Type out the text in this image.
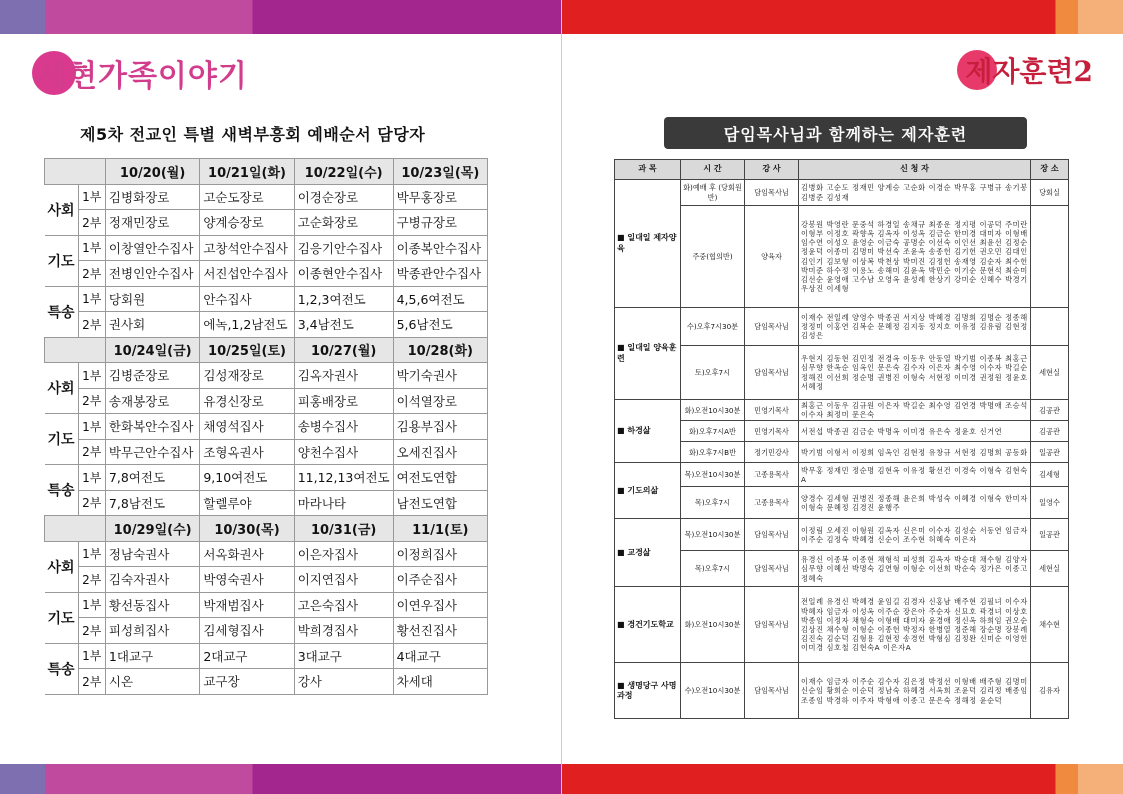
세현가족이야기
제5차 전교인 특별 새벽부흥회 예배순서 담당자
		10/20(월)	10/21일(화)	10/22일(수)	10/23일(목)
사회	1부	김병화장로	고순도장로	이경순장로	박무홍장로
	2부	정재민장로	양계승장로	고순화장로	구병규장로
기도	1부	이창열안수집사	고창석안수집사	김응기안수집사	이종복안수집사
	2부	전병인안수집사	서진섭안수집사	이종현안수집사	박종관안수집사
특송	1부	당회원	안수집사	1,2,3여전도	4,5,6여전도
	2부	권사회	에녹,1,2남전도	3,4남전도	5,6남전도
		10/24일(금)	10/25일(토)	10/27(월)	10/28(화)
사회	1부	김병준장로	김성재장로	김옥자권사	박기숙권사
	2부	송재봉장로	유경신장로	피홍배장로	이석열장로
기도	1부	한화복안수집사	채영석집사	송병수집사	김용부집사
	2부	박무근안수집사	조형옥권사	양천수집사	오세진집사
특송	1부	7,8여전도	9,10여전도	11,12,13여전도	여전도연합
	2부	7,8남전도	할렐루야	마라나타	남전도연합
		10/29일(수)	10/30(목)	10/31(금)	11/1(토)
사회	1부	정남숙권사	서옥화권사	이은자집사	이정희집사
	2부	김숙자권사	박영숙권사	이지연집사	이주순집사
기도	1부	황선동집사	박재범집사	고은숙집사	이연우집사
	2부	피성희집사	김세형집사	박희경집사	황선진집사
특송	1부	1대교구	2대교구	3대교구	4대교구
	2부	시온	교구장	강사	차세대
제자훈련2
담임목사님과 함께하는 제자훈련
과 목	시 간	강 사	신 청 자	장 소
■ 일대일 제자양육	화)예배 후 (당회원반)	담임목사님	김병화 고순도 정재민 양계승 고순화 이경순 박무홍 구병규 송기봉 김병준 김성재	당회실
	주중(협의반)	양육자	강봉원 박영란 문중석 하경일 송채규 최종운 정지평 이공덕 주미란 이형부 이정호 곽향옥 김옥자 이성옥 김금순 한미경 대미자 이형배 임수연 이성오 윤영순 이금숙 공명순 이선숙 이인선 최윤선 김정순 정윤덕 이종미 김명미 박선숙 조윤옥 송종헌 김기헌 권오민 김대인 김인기 김보형 이상복 박천상 박미진 김정헌 송재영 김순자 최수헌 박미준 하수정 이용노 송해미 김윤옥 박민순 이기순 문현석 최순미 김선순 윤영애 고수남 오영옥 윤성례 한상기 강미순 신혜수 박경기 우상진 이세형	
■ 일대일 양육훈련	수)오후7시30분	담임목사님	이재수 전일례 양영수 박종권 서지상 박혜경 김명희 김명순 정종해 정정미 이홍연 김복순 문혜정 김지동 정지호 이유정 김유림 김현정 김성은	
	토)오후7시	담임목사님	우현지 김동현 김민정 전경옥 이동우 안동열 박기범 이종복 최홍근 심무향 한옥순 임옥인 문은숙 김수자 이은자 최수영 이수자 박길순 정해진 이선희 정순명 권병진 이형숙 서현정 이미경 권정원 정윤호 서혜정	세현실
■ 하경삶	화)오전10시30분	민영기목사	최홍근 이동우 김규원 이은자 박길순 최수영 김연경 박명애 조승석 이수자 최정미 문은숙	김공관
	화)오후7시A반	민영기목사	서전섭 박종권 김금순 박명옥 이미경 유은숙 정윤호 신거연	김공관
	화)오후7시B반	정기민강사	박기범 이형서 이정희 임옥인 김현정 유창규 서현정 김명희 공동화	일공관
■ 기도의삶	목)오전10시30분	고종용목사	박무홍 정재민 정순명 김현옥 이유정 황선건 이경숙 이형숙 김현숙A	김세형
	목)오후7시	고종용목사	양경수 김세형 권병진 정종해 윤은희 박성숙 이혜경 이형숙 한미자 이형숙 문혜정 김경진 윤행주	일영수
■ 교경삶	목)오전10시30분	담임목사님	이정림 오세진 이형원 김옥자 신은미 이수자 김성순 서동연 임금자 이주순 김정숙 박혜경 신순이 조수현 허혜숙 이은자	일공관
	목)오후7시	담임목사님	유경신 이종복 이종현 채형석 피성희 김옥자 박승대 채수형 김양자 심무향 이혜선 박명숙 김연형 이형순 이선희 박순숙 정가은 이종고 정혜숙	세현실
■ 경건기도학교	화)오전10시30분	담임목사님	전일례 유경신 박혜경 윤임길 김경자 신홍남 배주현 김필녀 이수자 박혜자 임금자 이성옥 이주순 장은아 주순자 신묘호 곽경녀 이상호 박종임 이정자 채형숙 이형배 대미자 윤경애 정신옥 하희임 권오순 김상진 채수형 이형순 이종헌 박정자 한병열 정준해 장순명 장봉례 김진숙 김순덕 김형용 김현정 송경헌 박형심 김정완 신미순 이영헌 이미경 심호철 김현숙A 이은자A	채수현
■ 생명당구 사명과정	수)오전10시30분	담임목사님	이재수 임금자 이주순 김수자 김은정 박정선 이형배 배주형 김명미 신순임 황희순 이순덕 정남숙 하혜경 서옥희 조윤덕 김리정 배종임 조종임 박경하 이주자 박형애 이종고 문은숙 정해정 윤순덕	김유자
